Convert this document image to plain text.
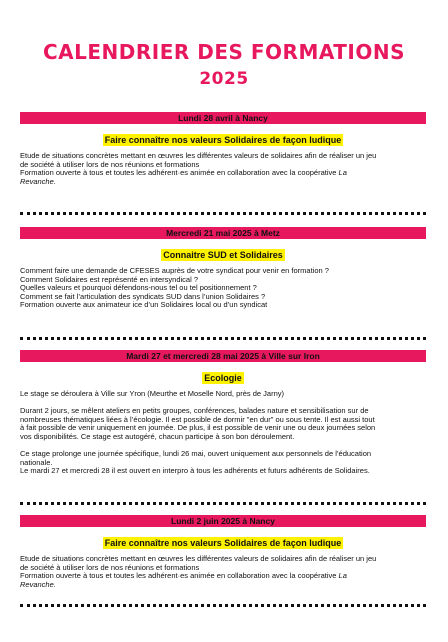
CALENDRIER DES FORMATIONS
2025
Lundi 28 avril à Nancy
Faire connaître nos valeurs Solidaires de façon ludique

Etude de situations concrètes mettant en œuvres les différentes valeurs de solidaires afin de réaliser un jeu

de société à utiliser lors de nos réunions et formations

Formation ouverte à tous et toutes les adhérent·es animée en collaboration avec la coopérative La

Revanche.

Mercredi 21 mai 2025 à Metz
Connaitre SUD et Solidaires

Comment faire une demande de CFESES auprès de votre syndicat pour venir en formation ?

Comment Solidaires est représenté en intersyndical ?

Quelles valeurs et pourquoi défendons-nous tel ou tel positionnement ?

Comment se fait l’articulation des syndicats SUD dans l’union Solidaires ?

Formation ouverte aux animateur ice d’un Solidaires local ou d’un syndicat

Mardi 27 et mercredi 28 mai 2025 à Ville sur Iron
Ecologie

Le stage se déroulera à Ville sur Yron (Meurthe et Moselle Nord, près de Jarny)

Durant 2 jours, se mêlent ateliers en petits groupes, conférences, balades nature et sensibilisation sur de

nombreuses thématiques liées à l’écologie. Il est possible de dormir "en dur" ou sous tente. Il est aussi tout

à fait possible de venir uniquement en journée. De plus, il est possible de venir une ou deux journées selon

vos disponibilités. Ce stage est autogéré, chacun participe à son bon déroulement.

Ce stage prolonge une journée spécifique, lundi 26 mai, ouvert uniquement aux personnels de l’éducation

nationale.

Le mardi 27 et mercredi 28 il est ouvert en interpro à tous les adhérents et futurs adhérents de Solidaires.

Lundi 2 juin 2025 à Nancy
Faire connaître nos valeurs Solidaires de façon ludique

Etude de situations concrètes mettant en œuvres les différentes valeurs de solidaires afin de réaliser un jeu

de société à utiliser lors de nos réunions et formations

Formation ouverte à tous et toutes les adhérent·es animée en collaboration avec la coopérative La

Revanche.
